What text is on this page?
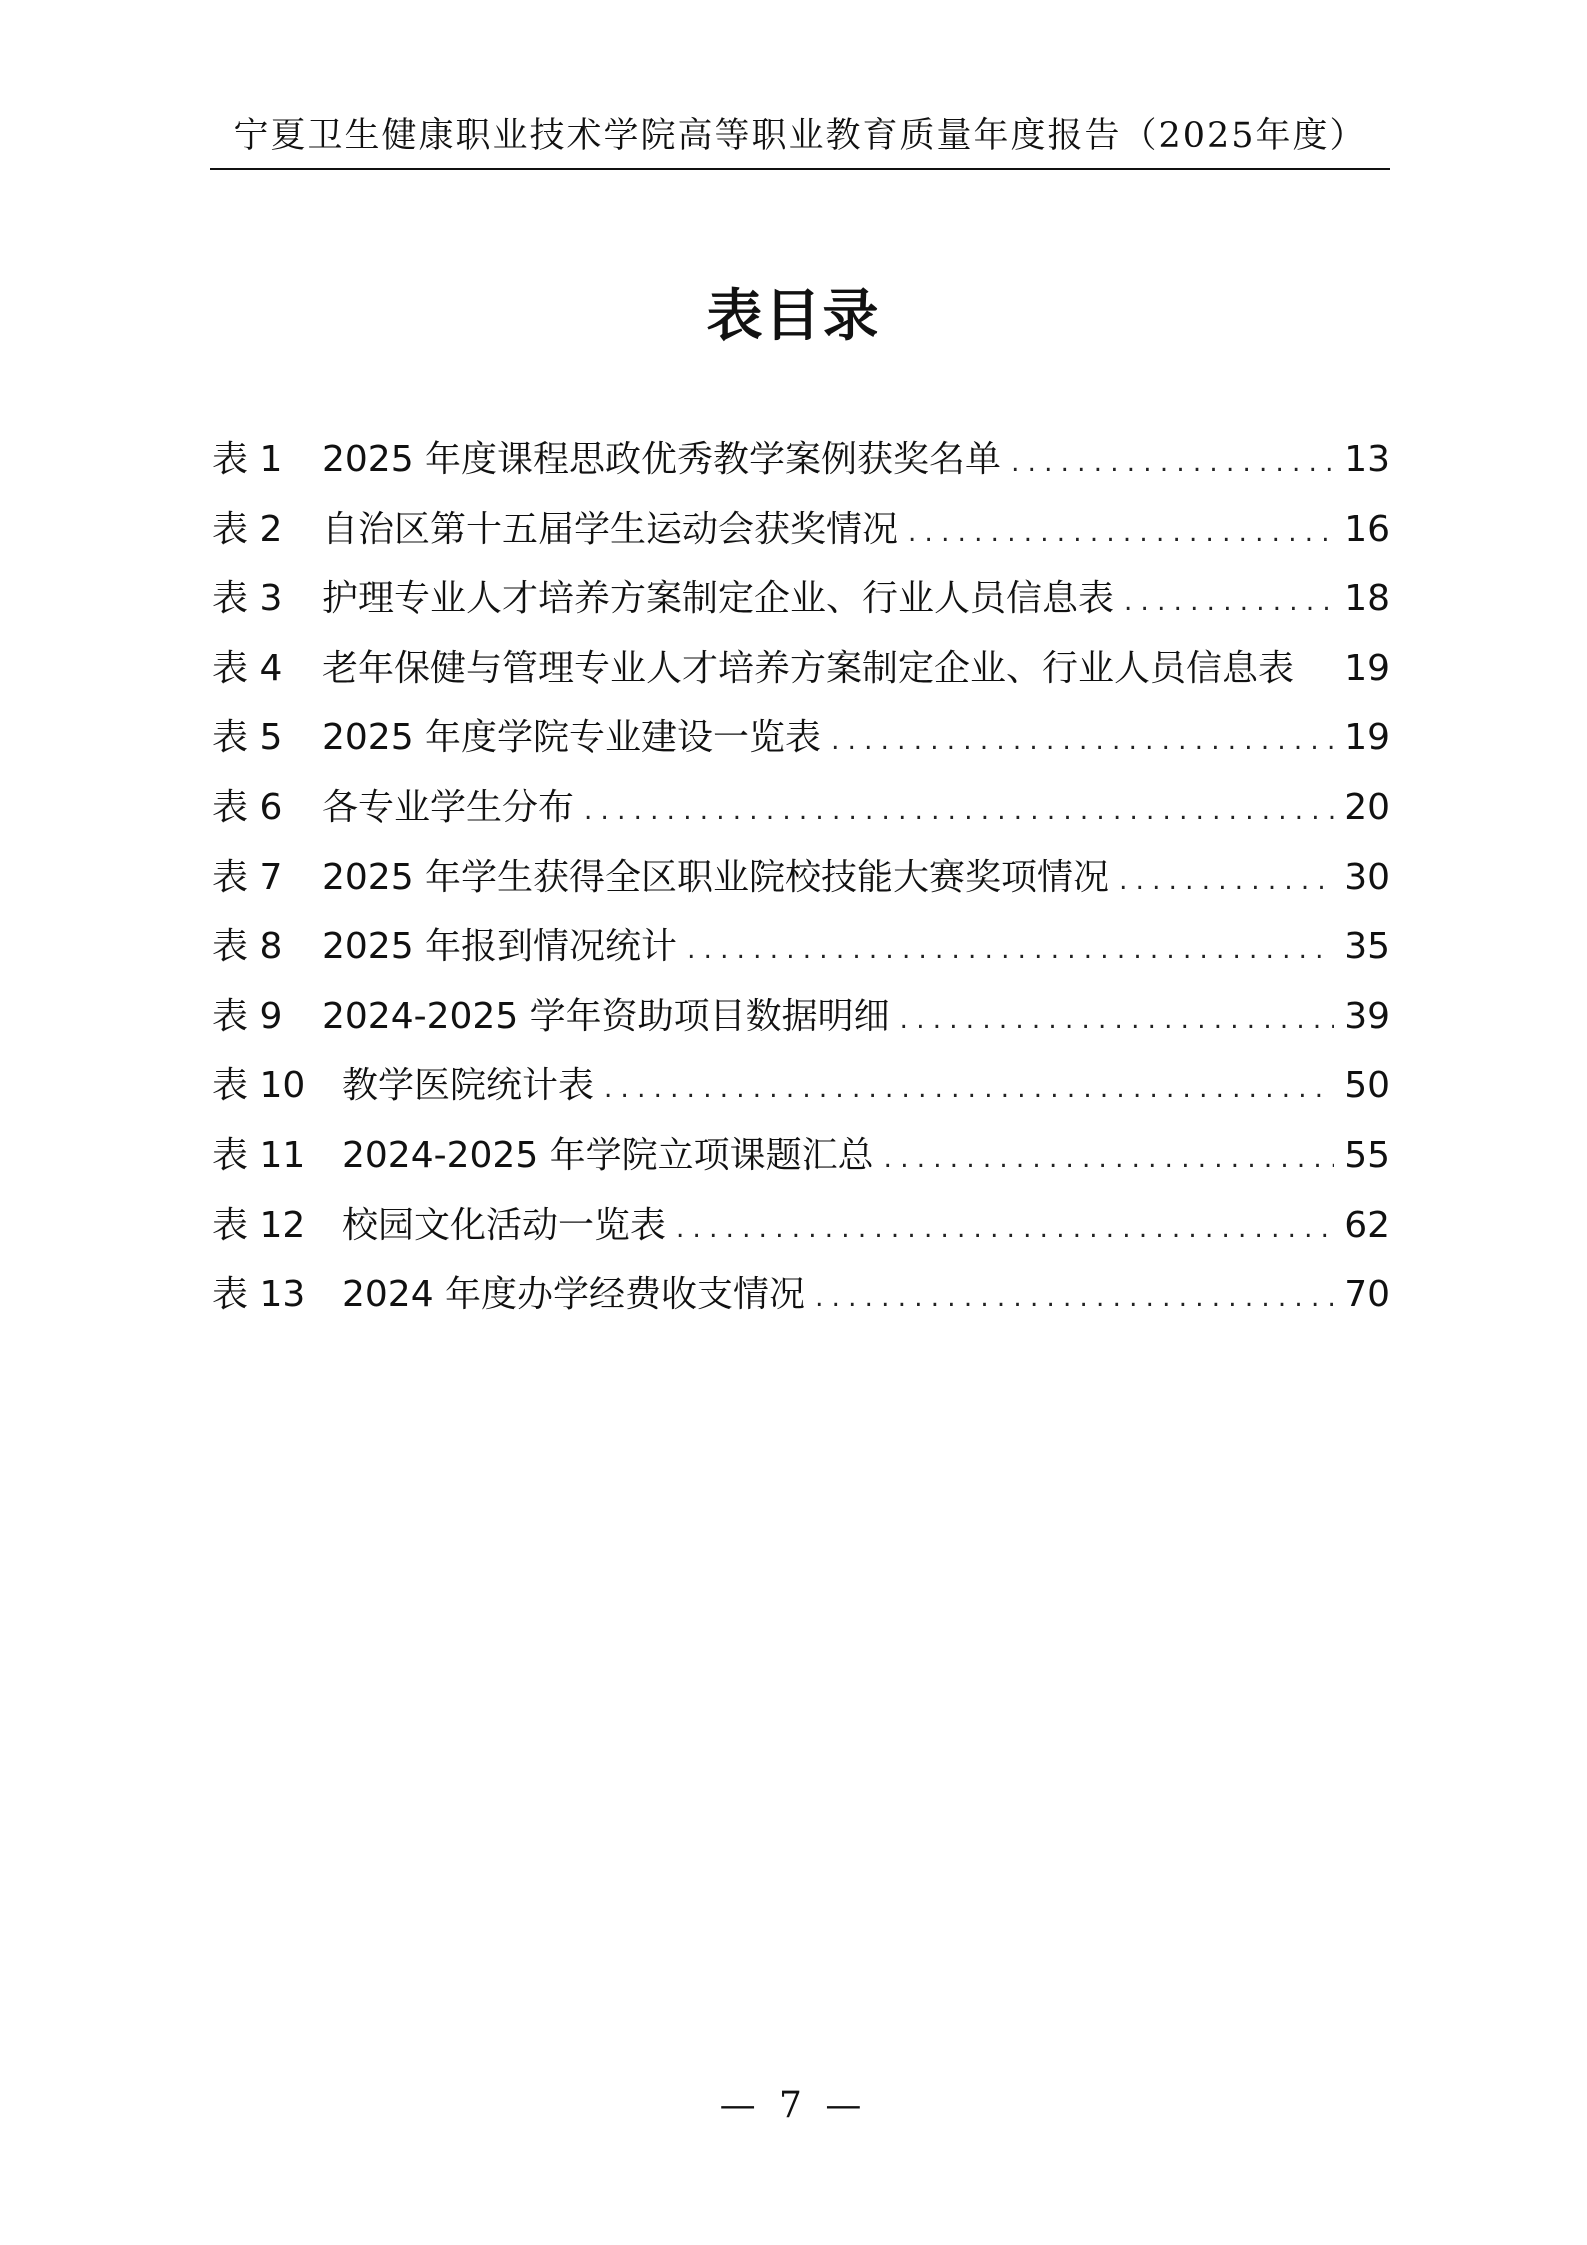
宁夏卫生健康职业技术学院高等职业教育质量年度报告（2025年度）
表目录
表 1	2025 年度课程思政优秀教学案例获奖名单 . . .	13
表 2	自治区第十五届学生运动会获奖情况 . . .	16
表 3	护理专业人才培养方案制定企业、行业人员信息表 . . .	18
表 4	老年保健与管理专业人才培养方案制定企业、行业人员信息表 19
表 5	2025 年度学院专业建设一览表 . . .	19
表 6	各专业学生分布 . . .	20
表 7	2025 年学生获得全区职业院校技能大赛奖项情况 . . .	30
表 8	2025 年报到情况统计 . . .	35
表 9	2024-2025 学年资助项目数据明细 . . .	39
表 10	教学医院统计表 . . .	50
表 11	2024-2025 年学院立项课题汇总 . . .	55
表 12	校园文化活动一览表 . . .	62
表 13	2024 年度办学经费收支情况 . . .	70
— 7 —
